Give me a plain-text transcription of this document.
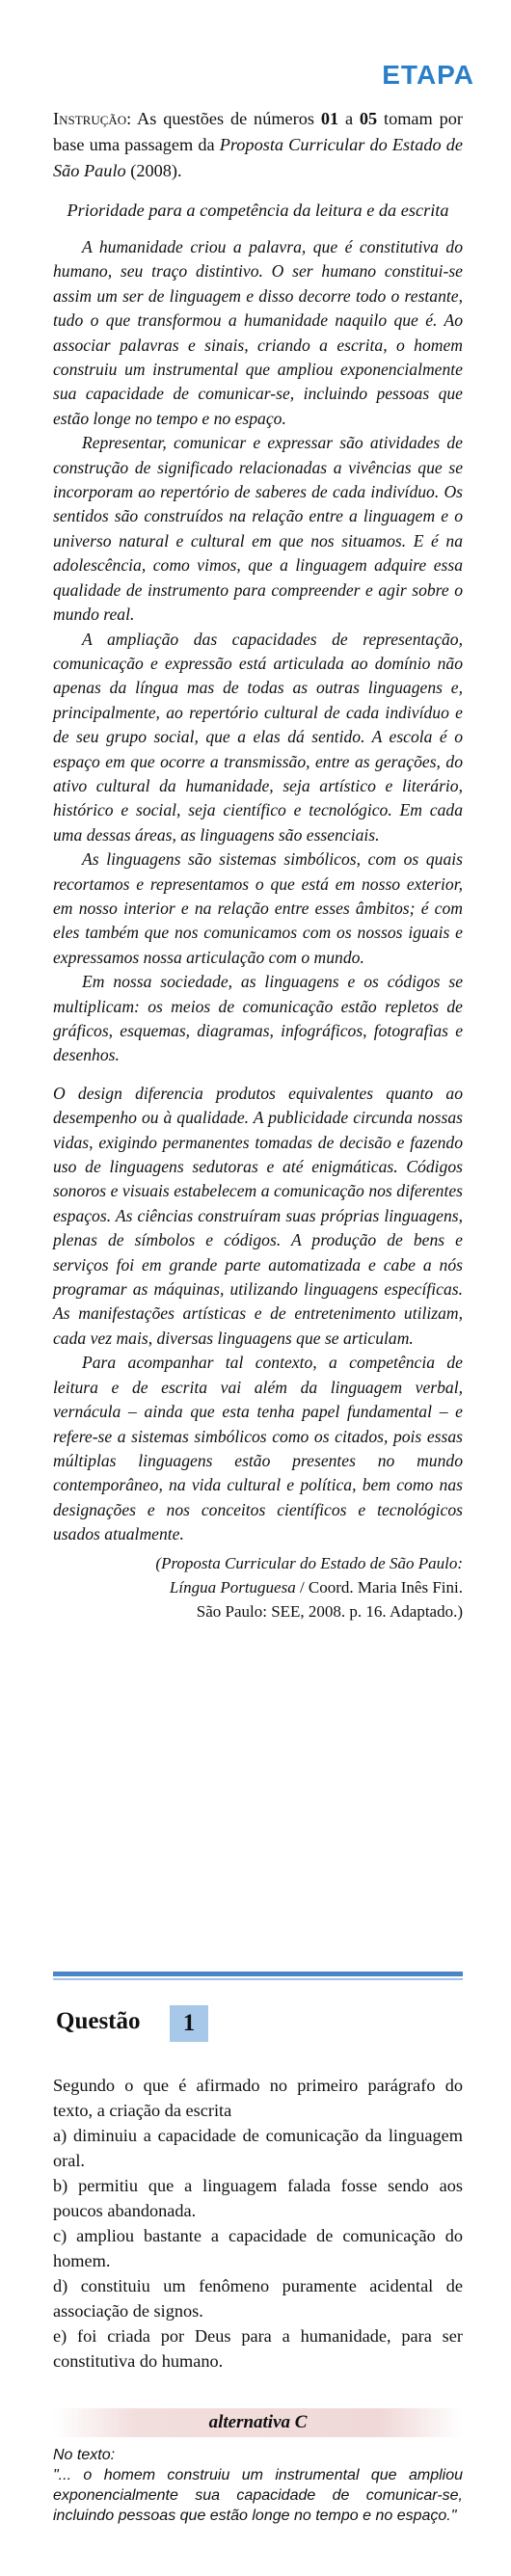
ETAPA
Instrução: As questões de números 01 a 05 tomam por base uma passagem da Proposta Curricular do Estado de São Paulo (2008).
Prioridade para a competência da leitura e da escrita

A humanidade criou a palavra, que é constitutiva do humano, seu traço distintivo. O ser humano constitui-se assim um ser de linguagem e disso decorre todo o restante, tudo o que transformou a humanidade naquilo que é. Ao associar palavras e sinais, criando a escrita, o homem construiu um instrumental que ampliou exponencialmente sua capacidade de comunicar-se, incluindo pessoas que estão longe no tempo e no espaço.

Representar, comunicar e expressar são atividades de construção de significado relacionadas a vivências que se incorporam ao repertório de saberes de cada indivíduo. Os sentidos são construídos na relação entre a linguagem e o universo natural e cultural em que nos situamos. E é na adolescência, como vimos, que a linguagem adquire essa qualidade de instrumento para compreender e agir sobre o mundo real.

A ampliação das capacidades de representação, comunicação e expressão está articulada ao domínio não apenas da língua mas de todas as outras linguagens e, principalmente, ao repertório cultural de cada indivíduo e de seu grupo social, que a elas dá sentido. A escola é o espaço em que ocorre a transmissão, entre as gerações, do ativo cultural da humanidade, seja artístico e literário, histórico e social, seja científico e tecnológico. Em cada uma dessas áreas, as linguagens são essenciais.

As linguagens são sistemas simbólicos, com os quais recortamos e representamos o que está em nosso exterior, em nosso interior e na relação entre esses âmbitos; é com eles também que nos comunicamos com os nossos iguais e expressamos nossa articulação com o mundo.

Em nossa sociedade, as linguagens e os códigos se multiplicam: os meios de comunicação estão repletos de gráficos, esquemas, diagramas, infográficos, fotografias e desenhos.

O design diferencia produtos equivalentes quanto ao desempenho ou à qualidade. A publicidade circunda nossas vidas, exigindo permanentes tomadas de decisão e fazendo uso de linguagens sedutoras e até enigmáticas. Códigos sonoros e visuais estabelecem a comunicação nos diferentes espaços. As ciências construíram suas próprias linguagens, plenas de símbolos e códigos. A produção de bens e serviços foi em grande parte automatizada e cabe a nós programar as máquinas, utilizando linguagens específicas. As manifestações artísticas e de entretenimento utilizam, cada vez mais, diversas linguagens que se articulam.

Para acompanhar tal contexto, a competência de leitura e de escrita vai além da linguagem verbal, vernácula – ainda que esta tenha papel fundamental – e refere-se a sistemas simbólicos como os citados, pois essas múltiplas linguagens estão presentes no mundo contemporâneo, na vida cultural e política, bem como nas designações e nos conceitos científicos e tecnológicos usados atualmente.

(Proposta Curricular do Estado de São Paulo:
Língua Portuguesa / Coord. Maria Inês Fini.
São Paulo: SEE, 2008. p. 16. Adaptado.)
Questão	1

Segundo o que é afirmado no primeiro parágrafo do texto, a criação da escrita

a) diminuiu a capacidade de comunicação da linguagem oral.

b) permitiu que a linguagem falada fosse sendo aos poucos abandonada.

c) ampliou bastante a capacidade de comunicação do homem.

d) constituiu um fenômeno puramente acidental de associação de signos.

e) foi criada por Deus para a humanidade, para ser constitutiva do humano.

alternativa C

No texto:

"... o homem construiu um instrumental que ampliou exponencialmente sua capacidade de comunicar-se, incluindo pessoas que estão longe no tempo e no espaço."
